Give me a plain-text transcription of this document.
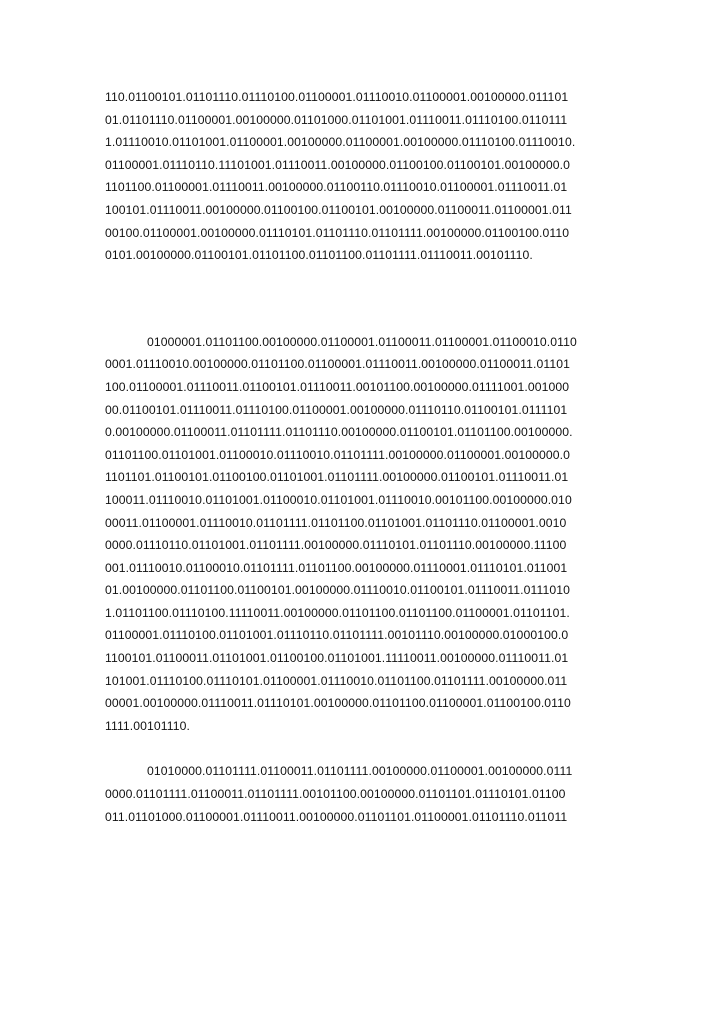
110.01100101.01101110.01110100.01100001.01110010.01100001.00100000.011101
01.01101110.01100001.00100000.01101000.01101001.01110011.01110100.0110111
1.01110010.01101001.01100001.00100000.01100001.00100000.01110100.01110010.
01100001.01110110.11101001.01110011.00100000.01100100.01100101.00100000.0
1101100.01100001.01110011.00100000.01100110.01110010.01100001.01110011.01
100101.01110011.00100000.01100100.01100101.00100000.01100011.01100001.011
00100.01100001.00100000.01110101.01101110.01101111.00100000.01100100.0110
0101.00100000.01100101.01101100.01101100.01101111.01110011.00101110.
01000001.01101100.00100000.01100001.01100011.01100001.01100010.0110
0001.01110010.00100000.01101100.01100001.01110011.00100000.01100011.01101
100.01100001.01110011.01100101.01110011.00101100.00100000.01111001.001000
00.01100101.01110011.01110100.01100001.00100000.01110110.01100101.0111101
0.00100000.01100011.01101111.01101110.00100000.01100101.01101100.00100000.
01101100.01101001.01100010.01110010.01101111.00100000.01100001.00100000.0
1101101.01100101.01100100.01101001.01101111.00100000.01100101.01110011.01
100011.01110010.01101001.01100010.01101001.01110010.00101100.00100000.010
00011.01100001.01110010.01101111.01101100.01101001.01101110.01100001.0010
0000.01110110.01101001.01101111.00100000.01110101.01101110.00100000.11100
001.01110010.01100010.01101111.01101100.00100000.01110001.01110101.011001
01.00100000.01101100.01100101.00100000.01110010.01100101.01110011.0111010
1.01101100.01110100.11110011.00100000.01101100.01101100.01100001.01101101.
01100001.01110100.01101001.01110110.01101111.00101110.00100000.01000100.0
1100101.01100011.01101001.01100100.01101001.11110011.00100000.01110011.01
101001.01110100.01110101.01100001.01110010.01101100.01101111.00100000.011
00001.00100000.01110011.01110101.00100000.01101100.01100001.01100100.0110
1111.00101110.
01010000.01101111.01100011.01101111.00100000.01100001.00100000.0111
0000.01101111.01100011.01101111.00101100.00100000.01101101.01110101.01100
011.01101000.01100001.01110011.00100000.01101101.01100001.01101110.011011
